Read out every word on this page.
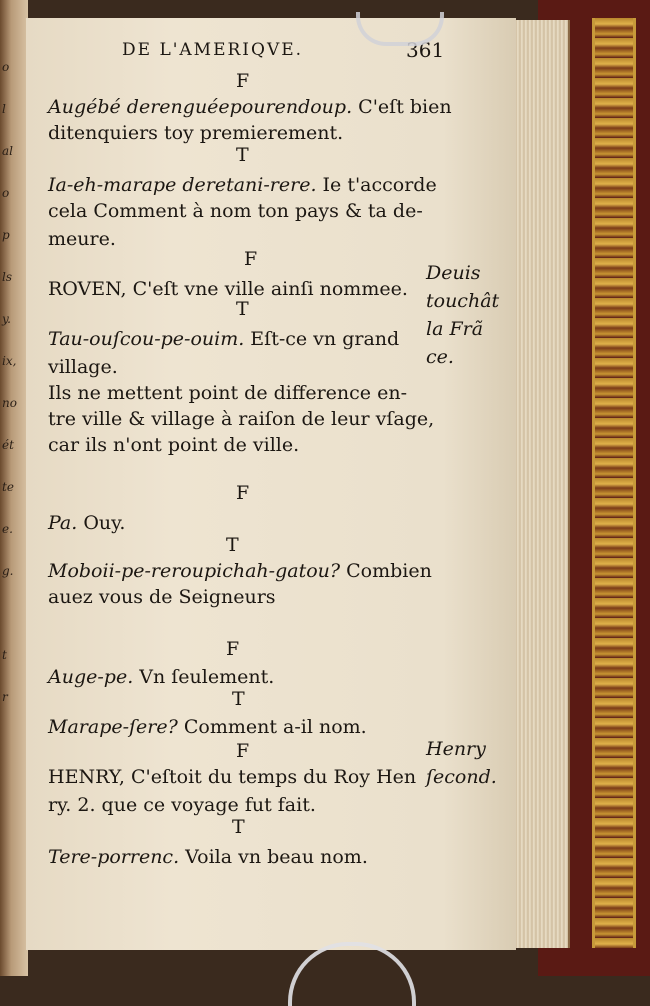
o
l
al
o
p
ls
y.
ix,
no
ét
te
e.
g.
t
r
DE L'AMERIQVE.	361
F
Augébé derenguéepourendoup. C'eſt bien
ditenquiers toy premierement.
T
Ia-eh-marape deretani-rere. Ie t'accorde
cela Comment à nom ton pays & ta de-
meure.
F
ROVEN, C'eſt vne ville ainſi nommee.
T
Tau-ouſcou-pe-ouim. Eſt-ce vn grand
village.
Ils ne mettent point de difference en-
tre ville & village à raiſon de leur vſage,
car ils n'ont point de ville.
F
Pa. Ouy.
T
Moboii-pe-reroupichah-gatou? Combien
auez vous de Seigneurs
F
Auge-pe. Vn ſeulement.
T
Marape-ſere? Comment a-il nom.
F
HENRY, C'eſtoit du temps du Roy Hen
ry. 2. que ce voyage fut fait.
T
Tere-porrenc. Voila vn beau nom.
Deuis
touchât
la Frã
ce.
Henry
ſecond.
